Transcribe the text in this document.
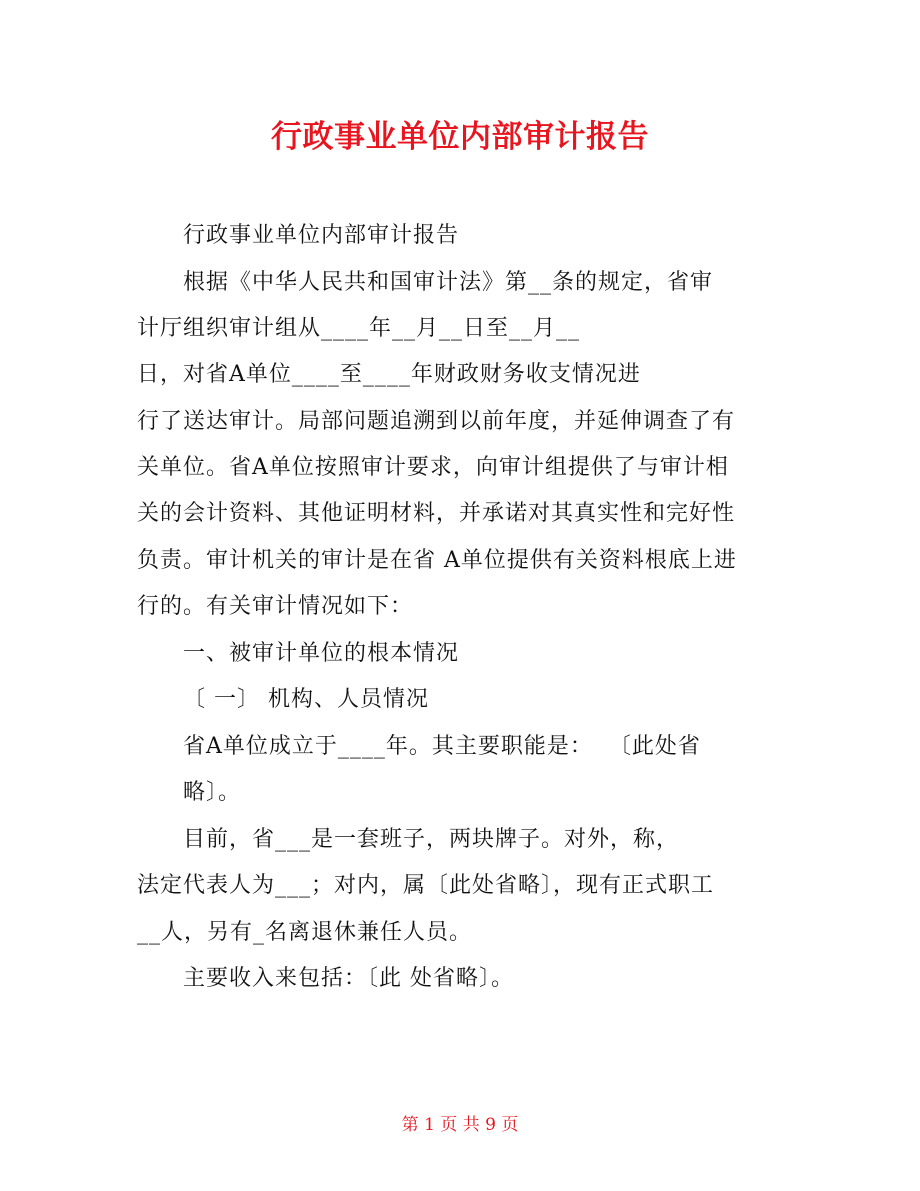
行政事业单位内部审计报告
行政事业单位内部审计报告
根据《中华人民共和国审计法》第__条的规定，省审
计厅组织审计组从____年__月__日至__月__
日，对省A单位____至____年财政财务收支情况进
行了送达审计。局部问题追溯到以前年度，并延伸调查了有
关单位。省A单位按照审计要求，向审计组提供了与审计相
关的会计资料、其他证明材料，并承诺对其真实性和完好性
负责。审计机关的审计是在省 A单位提供有关资料根底上进
行的。有关审计情况如下：
一、被审计单位的根本情况
〔 一〕 机构、人员情况
省A单位成立于____年。其主要职能是：  〔此处省
略〕。
目前，省___是一套班子，两块牌子。对外，称，
法定代表人为___；对内，属〔此处省略〕，现有正式职工
__人，另有_名离退休兼任人员。
主要收入来包括：〔此 处省略〕。
第 1 页 共 9 页
